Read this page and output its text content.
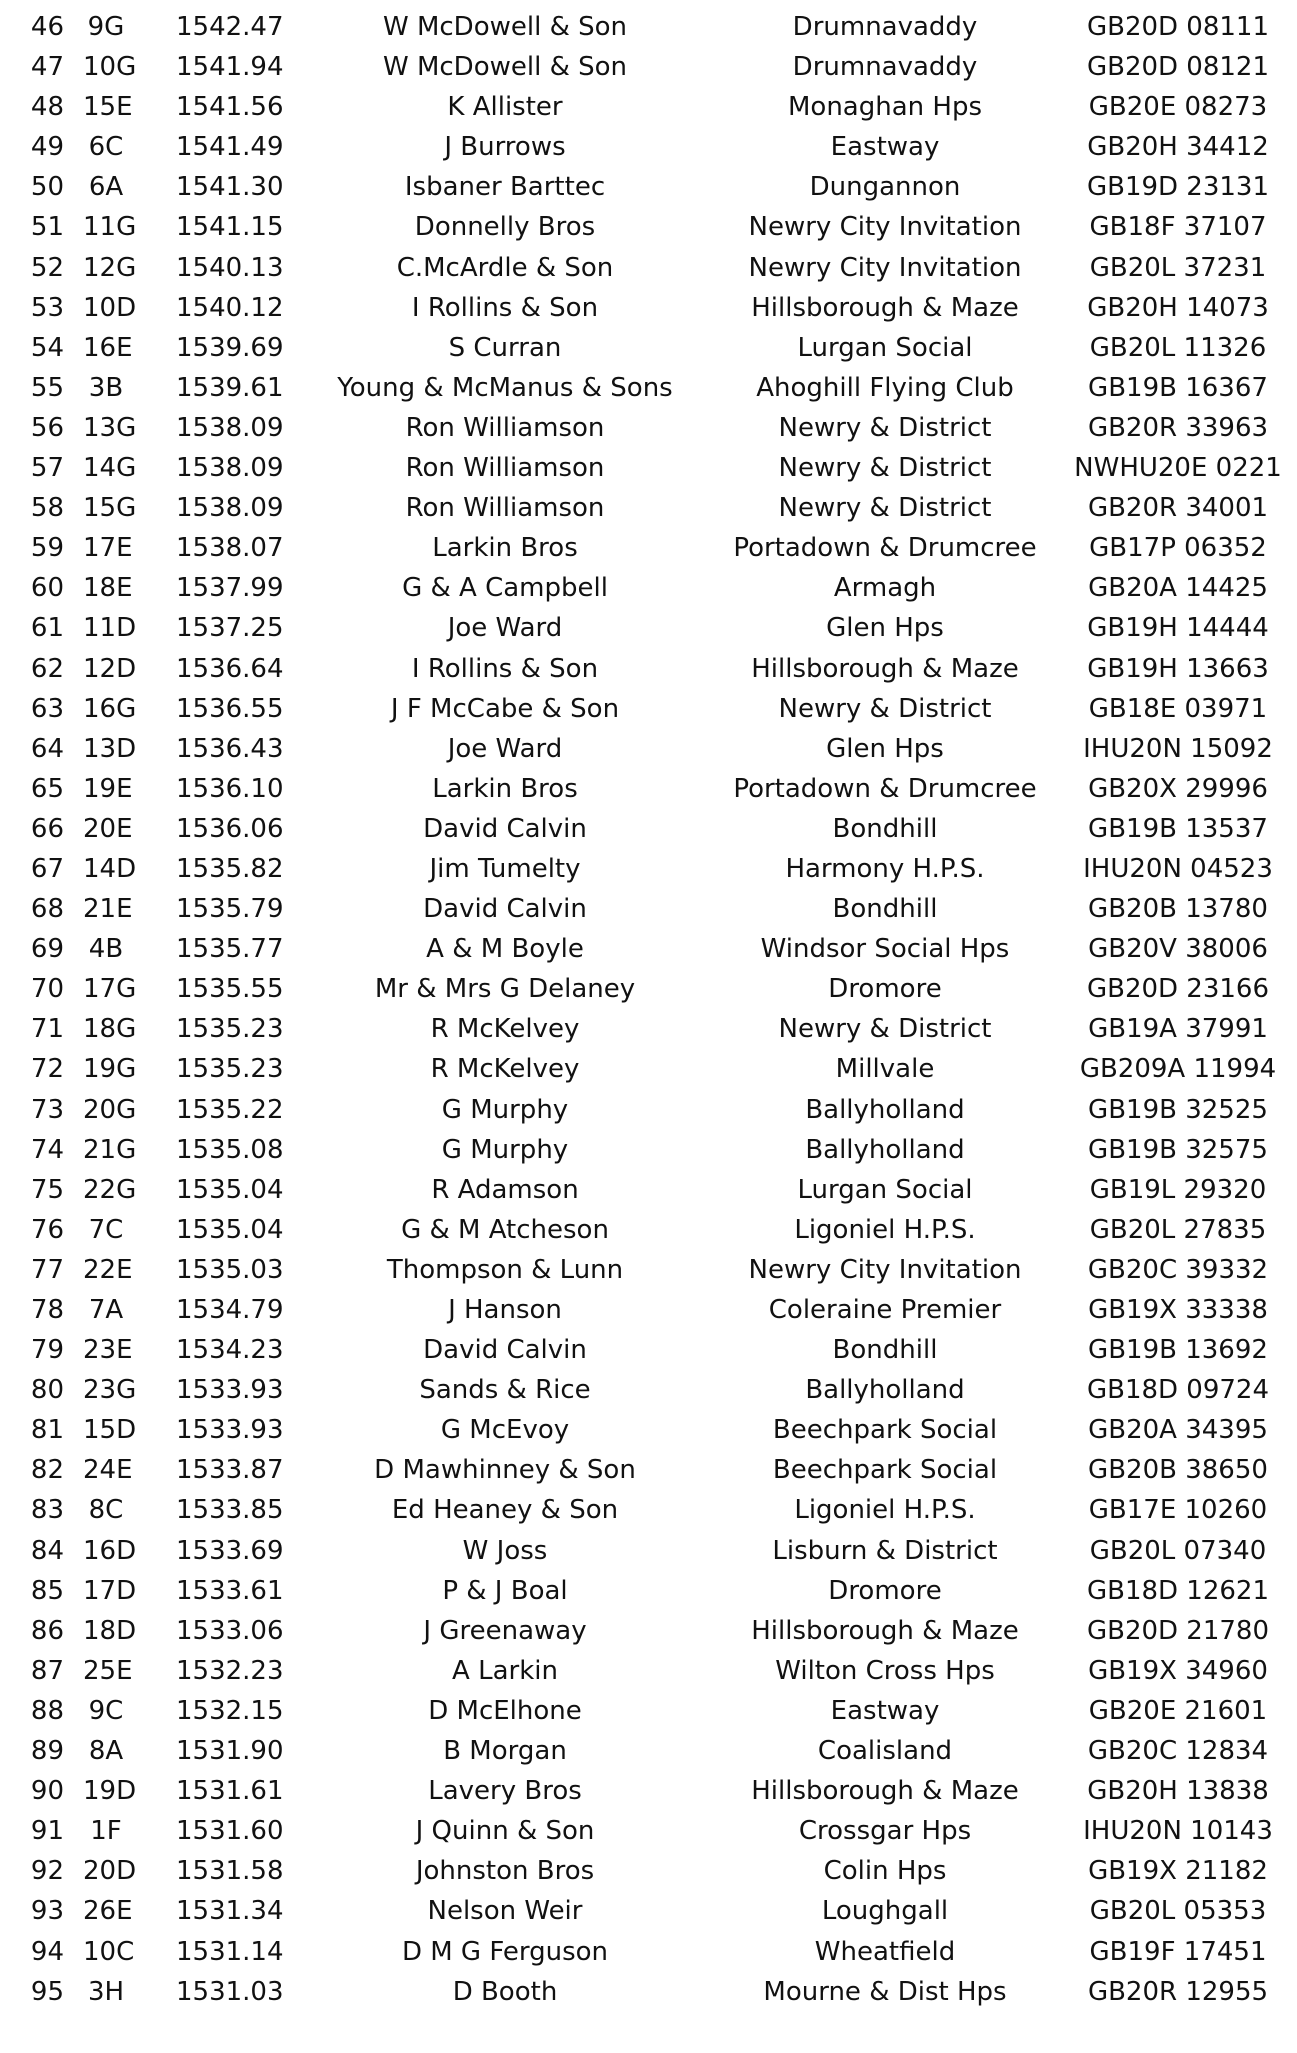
46 9G 1542.47	W McDowell & Son	Drumnavaddy	GB20D 08111
47 10G 1541.94	W McDowell & Son	Drumnavaddy	GB20D 08121
48 15E 1541.56	K Allister	Monaghan Hps	GB20E 08273
49 6C 1541.49	J Burrows	Eastway	GB20H 34412
50 6A 1541.30	Isbaner Barttec	Dungannon	GB19D 23131
51 11G 1541.15	Donnelly Bros	Newry City Invitation	GB18F 37107
52 12G 1540.13	C.McArdle & Son	Newry City Invitation	GB20L 37231
53 10D 1540.12	I Rollins & Son	Hillsborough & Maze	GB20H 14073
54 16E 1539.69	S Curran	Lurgan Social	GB20L 11326
55 3B 1539.61	Young & McManus & Sons	Ahoghill Flying Club	GB19B 16367
56 13G 1538.09	Ron Williamson	Newry & District	GB20R 33963
57 14G 1538.09	Ron Williamson	Newry & District	NWHU20E 0221
58 15G 1538.09	Ron Williamson	Newry & District	GB20R 34001
59 17E 1538.07	Larkin Bros	Portadown & Drumcree	GB17P 06352
60 18E 1537.99	G & A Campbell	Armagh	GB20A 14425
61 11D 1537.25	Joe Ward	Glen Hps	GB19H 14444
62 12D 1536.64	I Rollins & Son	Hillsborough & Maze	GB19H 13663
63 16G 1536.55	J F McCabe & Son	Newry & District	GB18E 03971
64 13D 1536.43	Joe Ward	Glen Hps	IHU20N 15092
65 19E 1536.10	Larkin Bros	Portadown & Drumcree	GB20X 29996
66 20E 1536.06	David Calvin	Bondhill	GB19B 13537
67 14D 1535.82	Jim Tumelty	Harmony H.P.S.	IHU20N 04523
68 21E 1535.79	David Calvin	Bondhill	GB20B 13780
69 4B 1535.77	A & M Boyle	Windsor Social Hps	GB20V 38006
70 17G 1535.55	Mr & Mrs G Delaney	Dromore	GB20D 23166
71 18G 1535.23	R McKelvey	Newry & District	GB19A 37991
72 19G 1535.23	R McKelvey	Millvale	GB209A 11994
73 20G 1535.22	G Murphy	Ballyholland	GB19B 32525
74 21G 1535.08	G Murphy	Ballyholland	GB19B 32575
75 22G 1535.04	R Adamson	Lurgan Social	GB19L 29320
76 7C 1535.04	G & M Atcheson	Ligoniel H.P.S.	GB20L 27835
77 22E 1535.03	Thompson & Lunn	Newry City Invitation	GB20C 39332
78 7A 1534.79	J Hanson	Coleraine Premier	GB19X 33338
79 23E 1534.23	David Calvin	Bondhill	GB19B 13692
80 23G 1533.93	Sands & Rice	Ballyholland	GB18D 09724
81 15D 1533.93	G McEvoy	Beechpark Social	GB20A 34395
82 24E 1533.87	D Mawhinney & Son	Beechpark Social	GB20B 38650
83 8C 1533.85	Ed Heaney & Son	Ligoniel H.P.S.	GB17E 10260
84 16D 1533.69	W Joss	Lisburn & District	GB20L 07340
85 17D 1533.61	P & J Boal	Dromore	GB18D 12621
86 18D 1533.06	J Greenaway	Hillsborough & Maze	GB20D 21780
87 25E 1532.23	A Larkin	Wilton Cross Hps	GB19X 34960
88 9C 1532.15	D McElhone	Eastway	GB20E 21601
89 8A 1531.90	B Morgan	Coalisland	GB20C 12834
90 19D 1531.61	Lavery Bros	Hillsborough & Maze	GB20H 13838
91 1F 1531.60	J Quinn & Son	Crossgar Hps	IHU20N 10143
92 20D 1531.58	Johnston Bros	Colin Hps	GB19X 21182
93 26E 1531.34	Nelson Weir	Loughgall	GB20L 05353
94 10C 1531.14	D M G Ferguson	Wheatfield	GB19F 17451
95 3H 1531.03	D Booth	Mourne & Dist Hps	GB20R 12955
